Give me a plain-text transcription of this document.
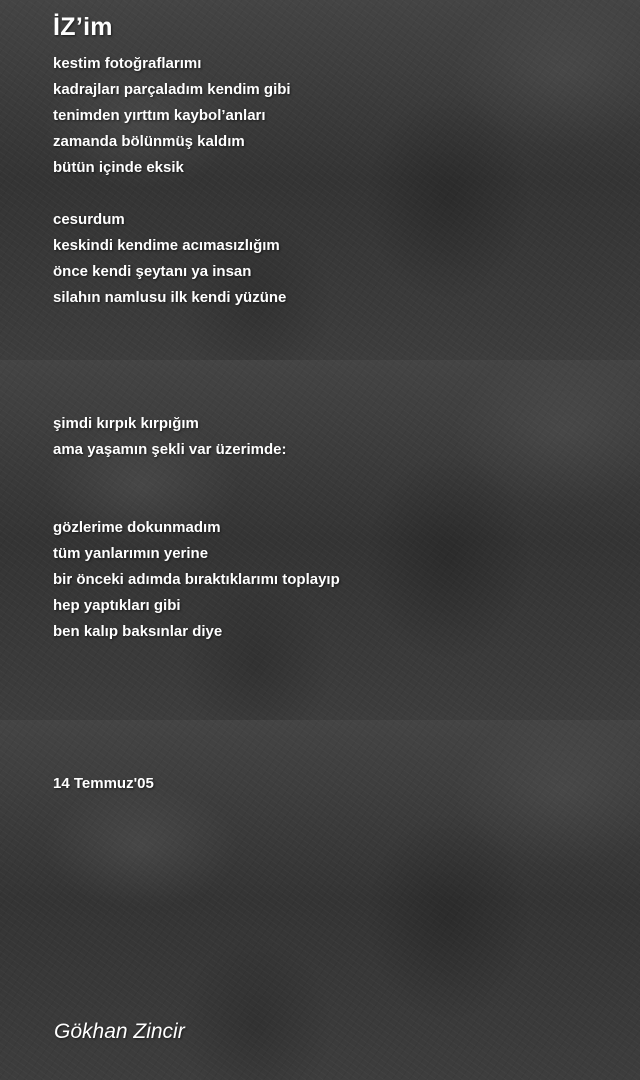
İZ’im
kestim fotoğraflarımı
kadrajları parçaladım kendim gibi
tenimden yırttım kaybol’anları
zamanda bölünmüş kaldım
bütün içinde eksik
cesurdum
keskindi kendime acımasızlığım
önce kendi şeytanı ya insan
silahın namlusu ilk kendi yüzüne
şimdi kırpık kırpığım
ama yaşamın şekli var üzerimde:
gözlerime dokunmadım
tüm yanlarımın yerine
bir önceki adımda bıraktıklarımı toplayıp
hep yaptıkları gibi
ben kalıp baksınlar diye
14 Temmuz'05
Gökhan Zincir
